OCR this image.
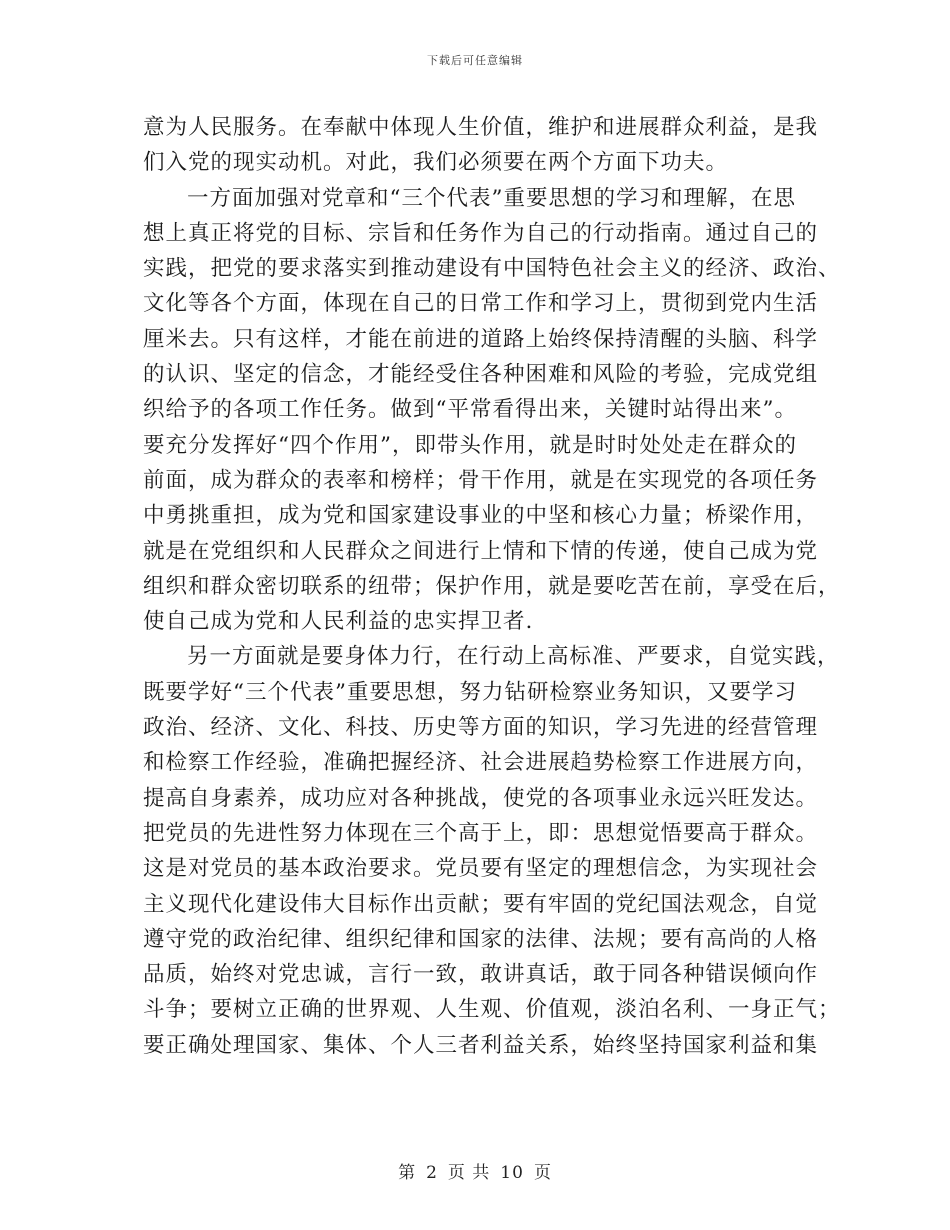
下载后可任意编辑
意为人民服务。在奉献中体现人生价值，维护和进展群众利益，是我
们入党的现实动机。对此，我们必须要在两个方面下功夫。
一方面加强对党章和“三个代表”重要思想的学习和理解，在思
想上真正将党的目标、宗旨和任务作为自己的行动指南。通过自己的
实践，把党的要求落实到推动建设有中国特色社会主义的经济、政治、
文化等各个方面，体现在自己的日常工作和学习上，贯彻到党内生活
厘米去。只有这样，才能在前进的道路上始终保持清醒的头脑、科学
的认识、坚定的信念，才能经受住各种困难和风险的考验，完成党组
织给予的各项工作任务。做到“平常看得出来，关键时站得出来”。
要充分发挥好“四个作用”，即带头作用，就是时时处处走在群众的
前面，成为群众的表率和榜样；骨干作用，就是在实现党的各项任务
中勇挑重担，成为党和国家建设事业的中坚和核心力量；桥梁作用，
就是在党组织和人民群众之间进行上情和下情的传递，使自己成为党
组织和群众密切联系的纽带；保护作用，就是要吃苦在前，享受在后，
使自己成为党和人民利益的忠实捍卫者.
另一方面就是要身体力行，在行动上高标准、严要求，自觉实践，
既要学好“三个代表”重要思想，努力钻研检察业务知识，又要学习
政治、经济、文化、科技、历史等方面的知识，学习先进的经营管理
和检察工作经验，准确把握经济、社会进展趋势检察工作进展方向，
提高自身素养，成功应对各种挑战，使党的各项事业永远兴旺发达。
把党员的先进性努力体现在三个高于上，即：思想觉悟要高于群众。
这是对党员的基本政治要求。党员要有坚定的理想信念，为实现社会
主义现代化建设伟大目标作出贡献；要有牢固的党纪国法观念，自觉
遵守党的政治纪律、组织纪律和国家的法律、法规；要有高尚的人格
品质，始终对党忠诚，言行一致，敢讲真话，敢于同各种错误倾向作
斗争；要树立正确的世界观、人生观、价值观，淡泊名利、一身正气；
要正确处理国家、集体、个人三者利益关系，始终坚持国家利益和集
第 2 页 共 10 页
